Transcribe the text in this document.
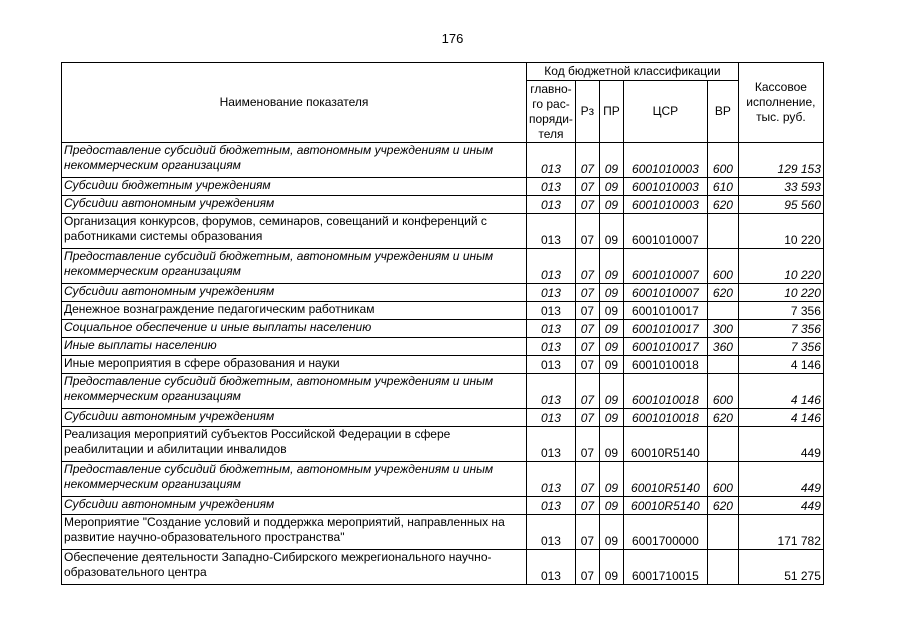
176
Наименование показателя	Код бюджетной классификации					Кассовое исполнение, тыс. руб.
	главно-го рас-поряди-теля	Рз	ПР	ЦСР	ВР	
Предоставление субсидий бюджетным, автономным учреждениям и иным некоммерческим организациям	013	07	09	6001010003	600	129 153
Субсидии бюджетным учреждениям	013	07	09	6001010003	610	33 593
Субсидии автономным учреждениям	013	07	09	6001010003	620	95 560
Организация конкурсов, форумов, семинаров, совещаний и конференций с работниками системы образования	013	07	09	6001010007		10 220
Предоставление субсидий бюджетным, автономным учреждениям и иным некоммерческим организациям	013	07	09	6001010007	600	10 220
Субсидии автономным учреждениям	013	07	09	6001010007	620	10 220
Денежное вознаграждение педагогическим работникам	013	07	09	6001010017		7 356
Социальное обеспечение и иные выплаты населению	013	07	09	6001010017	300	7 356
Иные выплаты населению	013	07	09	6001010017	360	7 356
Иные мероприятия в сфере образования и науки	013	07	09	6001010018		4 146
Предоставление субсидий бюджетным, автономным учреждениям и иным некоммерческим организациям	013	07	09	6001010018	600	4 146
Субсидии автономным учреждениям	013	07	09	6001010018	620	4 146
Реализация мероприятий субъектов Российской Федерации в сфере реабилитации и абилитации инвалидов	013	07	09	60010R5140		449
Предоставление субсидий бюджетным, автономным учреждениям и иным некоммерческим организациям	013	07	09	60010R5140	600	449
Субсидии автономным учреждениям	013	07	09	60010R5140	620	449
Мероприятие "Создание условий и поддержка мероприятий, направленных на развитие научно-образовательного пространства"	013	07	09	6001700000		171 782
Обеспечение деятельности Западно-Сибирского межрегионального научно-образовательного центра	013	07	09	6001710015		51 275
